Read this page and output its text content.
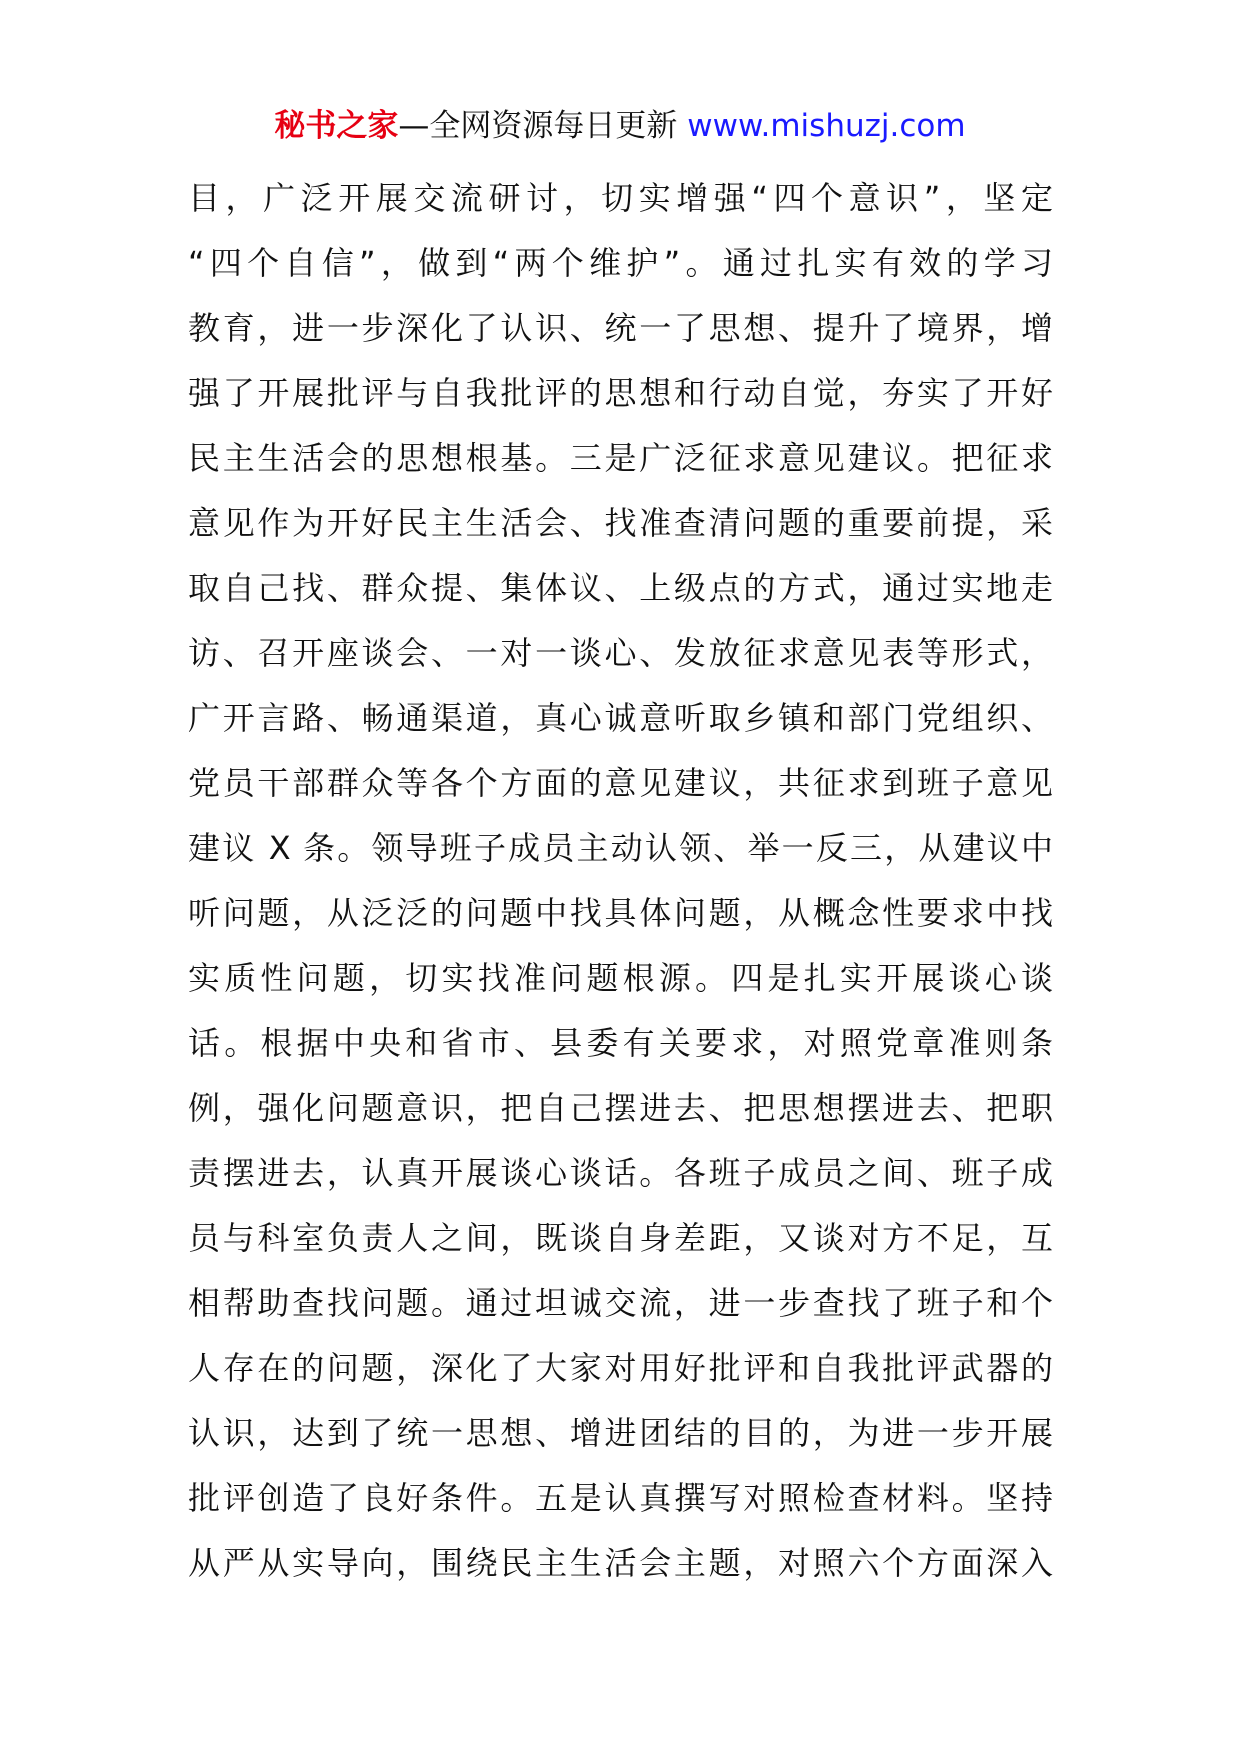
秘书之家—全网资源每日更新 www.mishuzj.com
目，广泛开展交流研讨，切实增强“四个意识”，坚定
“四个自信”，做到“两个维护”。通过扎实有效的学习
教育，进一步深化了认识、统一了思想、提升了境界，增
强了开展批评与自我批评的思想和行动自觉，夯实了开好
民主生活会的思想根基。三是广泛征求意见建议。把征求
意见作为开好民主生活会、找准查清问题的重要前提，采
取自己找、群众提、集体议、上级点的方式，通过实地走
访、召开座谈会、一对一谈心、发放征求意见表等形式，
广开言路、畅通渠道，真心诚意听取乡镇和部门党组织、
党员干部群众等各个方面的意见建议，共征求到班子意见
建议 X 条。领导班子成员主动认领、举一反三，从建议中
听问题，从泛泛的问题中找具体问题，从概念性要求中找
实质性问题，切实找准问题根源。四是扎实开展谈心谈
话。根据中央和省市、县委有关要求，对照党章准则条
例，强化问题意识，把自己摆进去、把思想摆进去、把职
责摆进去，认真开展谈心谈话。各班子成员之间、班子成
员与科室负责人之间，既谈自身差距，又谈对方不足，互
相帮助查找问题。通过坦诚交流，进一步查找了班子和个
人存在的问题，深化了大家对用好批评和自我批评武器的
认识，达到了统一思想、增进团结的目的，为进一步开展
批评创造了良好条件。五是认真撰写对照检查材料。坚持
从严从实导向，围绕民主生活会主题，对照六个方面深入
